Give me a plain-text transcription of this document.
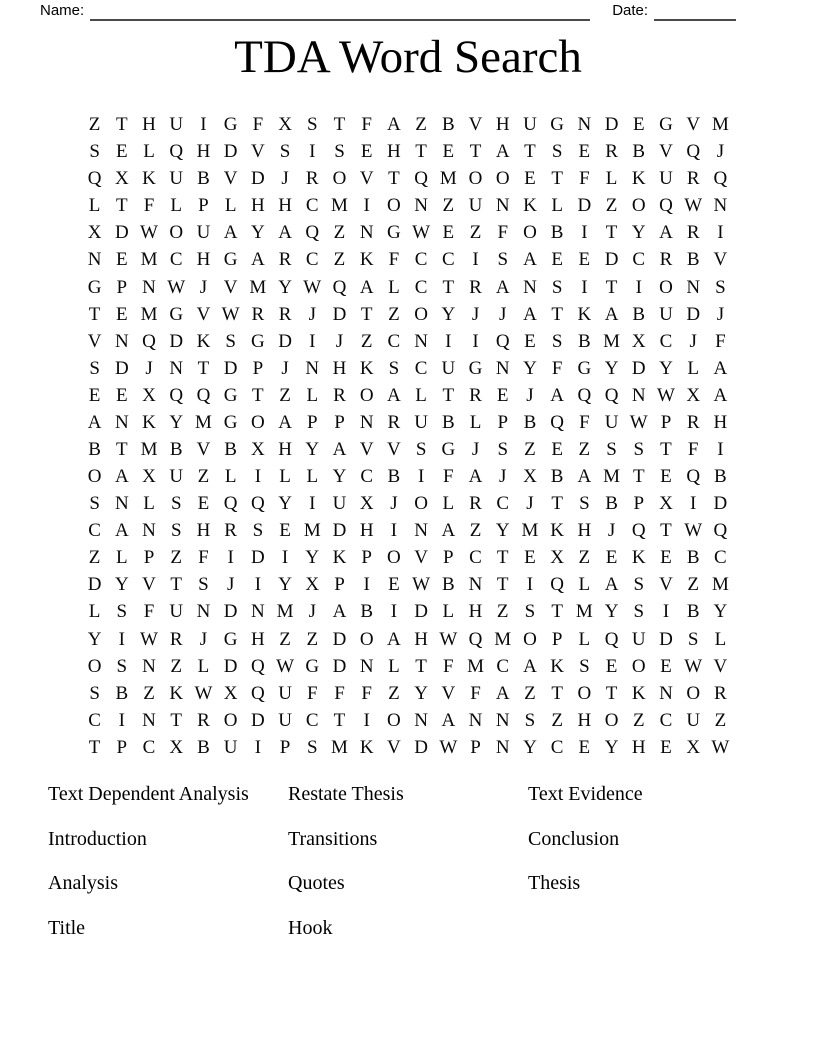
Name:	Date:
TDA Word Search
Z T H U I G F X S T F A Z B V H U G N D E G V M
S E L Q H D V S I S E H T E T A T S E R B V Q J
Q X K U B V D J R O V T Q M O O E T F L K U R Q
L T F L P L H H C M I O N Z U N K L D Z O Q W N
X D W O U A Y A Q Z N G W E Z F O B I T Y A R I
N E M C H G A R C Z K F C C I S A E E D C R B V
G P N W J V M Y W Q A L C T R A N S I T I O N S
T E M G V W R R J D T Z O Y J	J A T K A B U D J
V N Q D K S G D I	J Z C N I	I Q E S B M X C J F
S D J N T D P J N H K S C U G N Y F G Y D Y L A
E E X Q Q G T Z L R O A L T R E J A Q Q N W X A
A N K Y M G O A P P N R U B L P B Q F U W P R H
B T M B V B X H Y A V V S G J S Z E Z S S T F I
O A X U Z L I L L Y C B I F A J X B A M T E Q B
S N L S E Q Q Y I U X J O L R C J T S B P X I D
C A N S H R S E M D H I N A Z Y M K H J Q T W Q
Z L P Z F I D I Y K P O V P C T E X Z E K E B C
D Y V T S J	I Y X P I E W B N T I Q L A S V Z M
L S F U N D N M J A B I D L H Z S T M Y S I B Y
Y I W R J G H Z Z D O A H W Q M O P L Q U D S L
O S N Z L D Q W G D N L T F M C A K S E O E W V
S B Z K W X Q U F F F Z Y V F A Z T O T K N O R
C I N T R O D U C T I O N A N N S Z H O Z C U Z
T P C X B U I P S M K V D W P N Y C E Y H E X W
Text Dependent Analysis
Introduction
Analysis
Title
Restate Thesis
Transitions
Quotes
Hook
Text Evidence
Conclusion
Thesis
